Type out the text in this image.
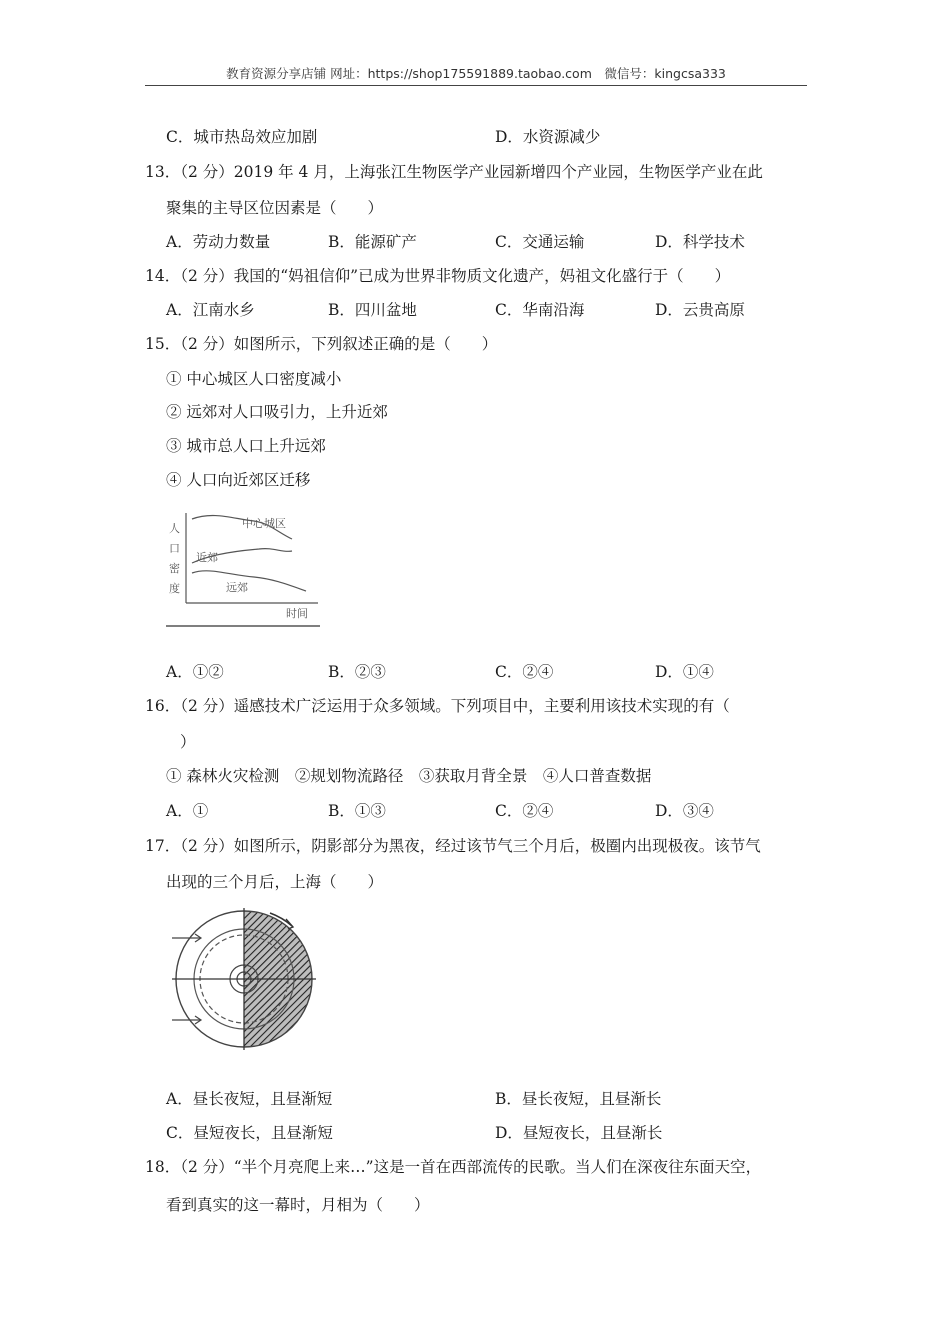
教育资源分享店铺 网址：https://shop175591889.taobao.com　微信号：kingcsa333
C．城市热岛效应加剧	D．水资源减少
13．（2 分）2019 年 4 月，上海张江生物医学产业园新增四个产业园，生物医学产业在此
聚集的主导区位因素是（　　）
A．劳动力数量	B．能源矿产	C．交通运输	D．科学技术
14．（2 分）我国的“妈祖信仰”已成为世界非物质文化遗产，妈祖文化盛行于（　　）
A．江南水乡	B．四川盆地	C．华南沿海	D．云贵高原
15．（2 分）如图所示，下列叙述正确的是（　　）
① 中心城区人口密度减小
② 远郊对人口吸引力，上升近郊
③ 城市总人口上升远郊
④ 人口向近郊区迁移
人
口
密
度
时间
中心城区
近郊
远郊
A．①②	B．②③	C．②④	D．①④
16．（2 分）遥感技术广泛运用于众多领域。下列项目中，主要利用该技术实现的有（
）
① 森林火灾检测　②规划物流路径　③获取月背全景　④人口普查数据
A．①	B．①③	C．②④	D．③④
17．（2 分）如图所示，阴影部分为黑夜，经过该节气三个月后，极圈内出现极夜。该节气
出现的三个月后，上海（　　）
A．昼长夜短，且昼渐短	B．昼长夜短，且昼渐长
C．昼短夜长，且昼渐短	D．昼短夜长，且昼渐长
18．（2 分）“半个月亮爬上来…”这是一首在西部流传的民歌。当人们在深夜往东面天空，
看到真实的这一幕时，月相为（　　）
